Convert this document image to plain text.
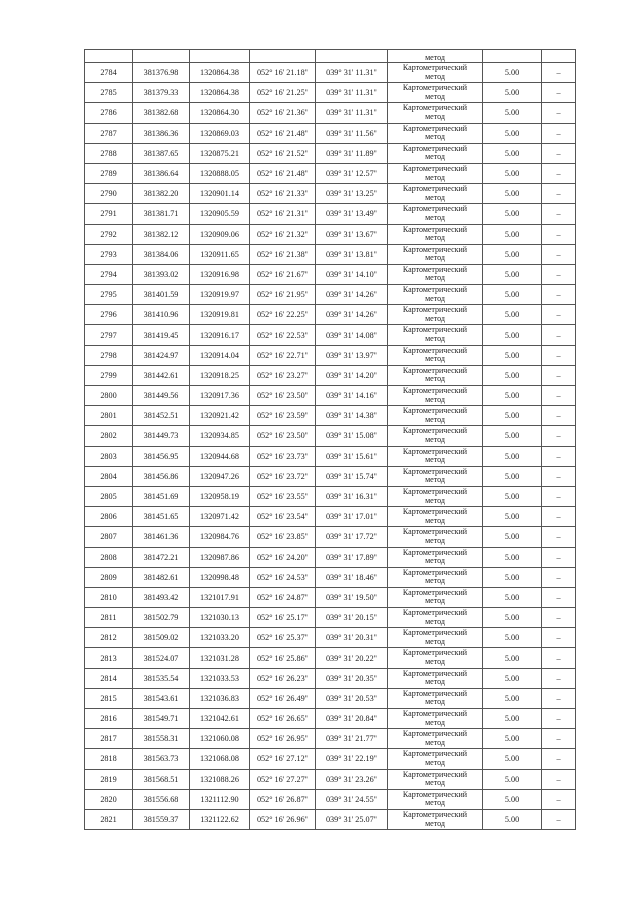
					метод		
2784	381376.98	1320864.38	052° 16' 21.18"	039° 31' 11.31"	Картометрический
метод	5.00	–
2785	381379.33	1320864.38	052° 16' 21.25"	039° 31' 11.31"	Картометрический
метод	5.00	–
2786	381382.68	1320864.30	052° 16' 21.36"	039° 31' 11.31"	Картометрический
метод	5.00	–
2787	381386.36	1320869.03	052° 16' 21.48"	039° 31' 11.56"	Картометрический
метод	5.00	–
2788	381387.65	1320875.21	052° 16' 21.52"	039° 31' 11.89"	Картометрический
метод	5.00	–
2789	381386.64	1320888.05	052° 16' 21.48"	039° 31' 12.57"	Картометрический
метод	5.00	–
2790	381382.20	1320901.14	052° 16' 21.33"	039° 31' 13.25"	Картометрический
метод	5.00	–
2791	381381.71	1320905.59	052° 16' 21.31"	039° 31' 13.49"	Картометрический
метод	5.00	–
2792	381382.12	1320909.06	052° 16' 21.32"	039° 31' 13.67"	Картометрический
метод	5.00	–
2793	381384.06	1320911.65	052° 16' 21.38"	039° 31' 13.81"	Картометрический
метод	5.00	–
2794	381393.02	1320916.98	052° 16' 21.67"	039° 31' 14.10"	Картометрический
метод	5.00	–
2795	381401.59	1320919.97	052° 16' 21.95"	039° 31' 14.26"	Картометрический
метод	5.00	–
2796	381410.96	1320919.81	052° 16' 22.25"	039° 31' 14.26"	Картометрический
метод	5.00	–
2797	381419.45	1320916.17	052° 16' 22.53"	039° 31' 14.08"	Картометрический
метод	5.00	–
2798	381424.97	1320914.04	052° 16' 22.71"	039° 31' 13.97"	Картометрический
метод	5.00	–
2799	381442.61	1320918.25	052° 16' 23.27"	039° 31' 14.20"	Картометрический
метод	5.00	–
2800	381449.56	1320917.36	052° 16' 23.50"	039° 31' 14.16"	Картометрический
метод	5.00	–
2801	381452.51	1320921.42	052° 16' 23.59"	039° 31' 14.38"	Картометрический
метод	5.00	–
2802	381449.73	1320934.85	052° 16' 23.50"	039° 31' 15.08"	Картометрический
метод	5.00	–
2803	381456.95	1320944.68	052° 16' 23.73"	039° 31' 15.61"	Картометрический
метод	5.00	–
2804	381456.86	1320947.26	052° 16' 23.72"	039° 31' 15.74"	Картометрический
метод	5.00	–
2805	381451.69	1320958.19	052° 16' 23.55"	039° 31' 16.31"	Картометрический
метод	5.00	–
2806	381451.65	1320971.42	052° 16' 23.54"	039° 31' 17.01"	Картометрический
метод	5.00	–
2807	381461.36	1320984.76	052° 16' 23.85"	039° 31' 17.72"	Картометрический
метод	5.00	–
2808	381472.21	1320987.86	052° 16' 24.20"	039° 31' 17.89"	Картометрический
метод	5.00	–
2809	381482.61	1320998.48	052° 16' 24.53"	039° 31' 18.46"	Картометрический
метод	5.00	–
2810	381493.42	1321017.91	052° 16' 24.87"	039° 31' 19.50"	Картометрический
метод	5.00	–
2811	381502.79	1321030.13	052° 16' 25.17"	039° 31' 20.15"	Картометрический
метод	5.00	–
2812	381509.02	1321033.20	052° 16' 25.37"	039° 31' 20.31"	Картометрический
метод	5.00	–
2813	381524.07	1321031.28	052° 16' 25.86"	039° 31' 20.22"	Картометрический
метод	5.00	–
2814	381535.54	1321033.53	052° 16' 26.23"	039° 31' 20.35"	Картометрический
метод	5.00	–
2815	381543.61	1321036.83	052° 16' 26.49"	039° 31' 20.53"	Картометрический
метод	5.00	–
2816	381549.71	1321042.61	052° 16' 26.65"	039° 31' 20.84"	Картометрический
метод	5.00	–
2817	381558.31	1321060.08	052° 16' 26.95"	039° 31' 21.77"	Картометрический
метод	5.00	–
2818	381563.73	1321068.08	052° 16' 27.12"	039° 31' 22.19"	Картометрический
метод	5.00	–
2819	381568.51	1321088.26	052° 16' 27.27"	039° 31' 23.26"	Картометрический
метод	5.00	–
2820	381556.68	1321112.90	052° 16' 26.87"	039° 31' 24.55"	Картометрический
метод	5.00	–
2821	381559.37	1321122.62	052° 16' 26.96"	039° 31' 25.07"	Картометрический
метод	5.00	–
